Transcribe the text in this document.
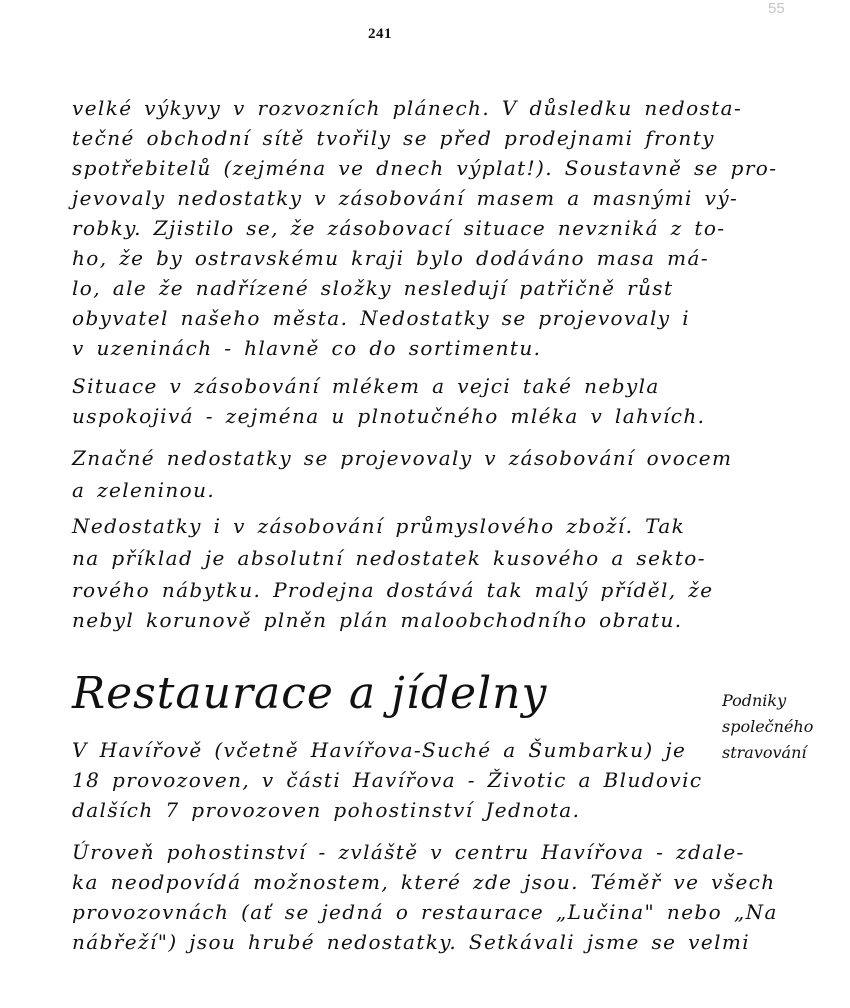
241
55
velké výkyvy v rozvozních plánech. V důsledku nedosta-
tečné obchodní sítě tvořily se před prodejnami fronty
spotřebitelů (zejména ve dnech výplat!). Soustavně se pro-
jevovaly nedostatky v zásobování masem a masnými vý-
robky. Zjistilo se, že zásobovací situace nevzniká z to-
ho, že by ostravskému kraji bylo dodáváno masa má-
lo, ale že nadřízené složky nesledují patřičně růst
obyvatel našeho města. Nedostatky se projevovaly i
v uzeninách - hlavně co do sortimentu.
Situace v zásobování mlékem a vejci také nebyla
uspokojivá - zejména u plnotučného mléka v lahvích.
Značné nedostatky se projevovaly v zásobování ovocem
a zeleninou.
Nedostatky i v zásobování průmyslového zboží. Tak
na příklad je absolutní nedostatek kusového a sekto-
rového nábytku. Prodejna dostává tak malý příděl, že
nebyl korunově plněn plán maloobchodního obratu.
Restaurace a jídelny	Podniky
společného
stravování
V Havířově (včetně Havířova-Suché a Šumbarku) je
18 provozoven, v části Havířova - Životic a Bludovic
dalších 7 provozoven pohostinství Jednota.
Úroveň pohostinství - zvláště v centru Havířova - zdale-
ka neodpovídá možnostem, které zde jsou. Téměř ve všech
provozovnách (ať se jedná o restaurace „Lučina" nebo „Na
nábřeží") jsou hrubé nedostatky. Setkávali jsme se velmi
